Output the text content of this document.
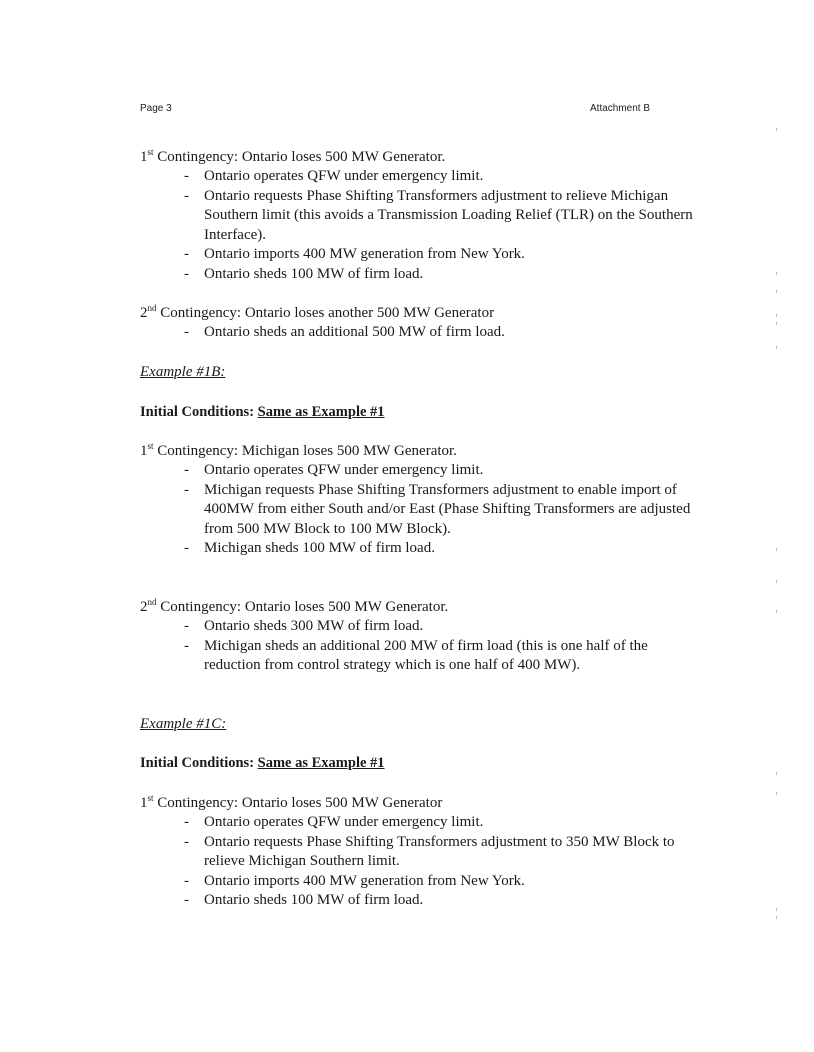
Page 3	Attachment B

1st Contingency: Ontario loses 500 MW Generator.

- Ontario operates QFW under emergency limit.
- Ontario requests Phase Shifting Transformers adjustment to relieve Michigan Southern limit (this avoids a Transmission Loading Relief (TLR) on the Southern Interface).
- Ontario imports 400 MW generation from New York.
- Ontario sheds 100 MW of firm load.

2nd Contingency: Ontario loses another 500 MW Generator

- Ontario sheds an additional 500 MW of firm load.

Example #1B:

Initial Conditions: Same as Example #1

1st Contingency: Michigan loses 500 MW Generator.

- Ontario operates QFW under emergency limit.
- Michigan requests Phase Shifting Transformers adjustment to enable import of 400MW from either South and/or East (Phase Shifting Transformers are adjusted from 500 MW Block to 100 MW Block).
- Michigan sheds 100 MW of firm load.

2nd Contingency: Ontario loses 500 MW Generator.

- Ontario sheds 300 MW of firm load.
- Michigan sheds an additional 200 MW of firm load (this is one half of the reduction from control strategy which is one half of 400 MW).

Example #1C:

Initial Conditions: Same as Example #1

1st Contingency: Ontario loses 500 MW Generator

- Ontario operates QFW under emergency limit.
- Ontario requests Phase Shifting Transformers adjustment to 350 MW Block to relieve Michigan Southern limit.
- Ontario imports 400 MW generation from New York.
- Ontario sheds 100 MW of firm load.
